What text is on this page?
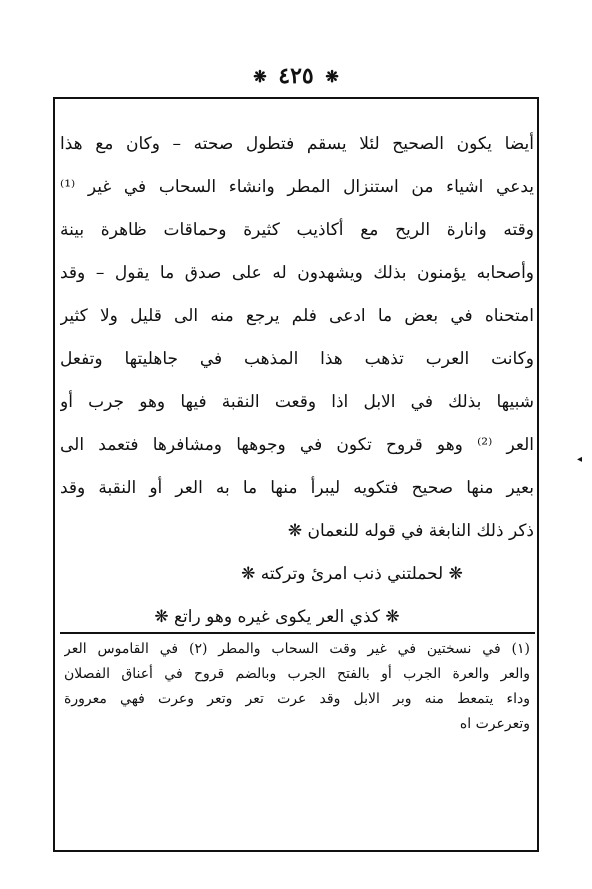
❋ ٤٢٥ ❋
أيضا يكون الصحيح لئلا يسقم فتطول صحته – وكان مع هذا
يدعي اشياء من استنزال المطر وانشاء السحاب في غير ⁽¹⁾
وقته وانارة الريح مع أكاذيب كثيرة وحماقات ظاهرة بينة
وأصحابه يؤمنون بذلك ويشهدون له على صدق ما يقول – وقد
امتحناه في بعض ما ادعى فلم يرجع منه الى قليل ولا كثير
وكانت العرب تذهب هذا المذهب في جاهليتها وتفعل
شبيها بذلك في الابل اذا وقعت النقبة فيها وهو جرب أو
العر ⁽²⁾ وهو قروح تكون في وجوهها ومشافرها فتعمد الى
بعير منها صحيح فتكويه ليبرأ منها ما به العر أو النقبة وقد
ذكر ذلك النابغة في قوله للنعمان ❋
❋ لحملتني ذنب امرئ وتركته ❋
❋ كذي العر يكوى غيره وهو راتع ❋
(١) في نسختين في غير وقت السحاب والمطر (٢) في القاموس العر
والعر والعرة الجرب أو بالفتح الجرب وبالضم قروح في أعناق الفصلان
وداء يتمعط منه وبر الابل وقد عرت تعر وتعر وعرت فهي معرورة
وتعرعرت اه
◂
